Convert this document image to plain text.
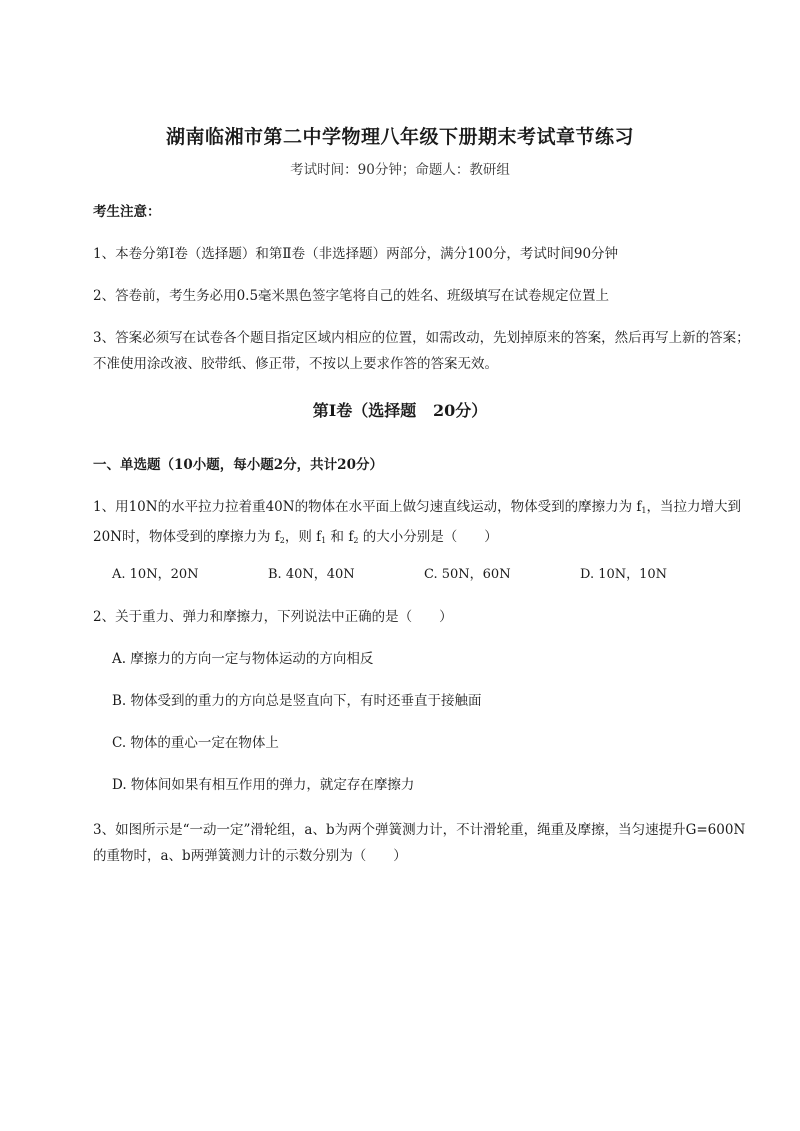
湖南临湘市第二中学物理八年级下册期末考试章节练习
考试时间：90分钟；命题人：教研组
考生注意：
1、本卷分第I卷（选择题）和第Ⅱ卷（非选择题）两部分，满分100分，考试时间90分钟
2、答卷前，考生务必用0.5毫米黑色签字笔将自己的姓名、班级填写在试卷规定位置上
3、答案必须写在试卷各个题目指定区域内相应的位置，如需改动，先划掉原来的答案，然后再写上新的答案；不准使用涂改液、胶带纸、修正带，不按以上要求作答的答案无效。
第I卷（选择题   20分）
一、单选题（10小题，每小题2分，共计20分）
1、用10N的水平拉力拉着重40N的物体在水平面上做匀速直线运动，物体受到的摩擦力为 $f_1$，当拉力增大到20N时，物体受到的摩擦力为 $f_2$，则 $f_1$ 和 $f_2$ 的大小分别是（　　）
A. 10N，20N	B. 40N，40N	C. 50N，60N	D. 10N，10N
2、关于重力、弹力和摩擦力，下列说法中正确的是（　　）
A. 摩擦力的方向一定与物体运动的方向相反
B. 物体受到的重力的方向总是竖直向下，有时还垂直于接触面
C. 物体的重心一定在物体上
D. 物体间如果有相互作用的弹力，就定存在摩擦力
3、如图所示是“一动一定”滑轮组，a、b为两个弹簧测力计，不计滑轮重，绳重及摩擦，当匀速提升G=600N的重物时，a、b两弹簧测力计的示数分别为（　　）
